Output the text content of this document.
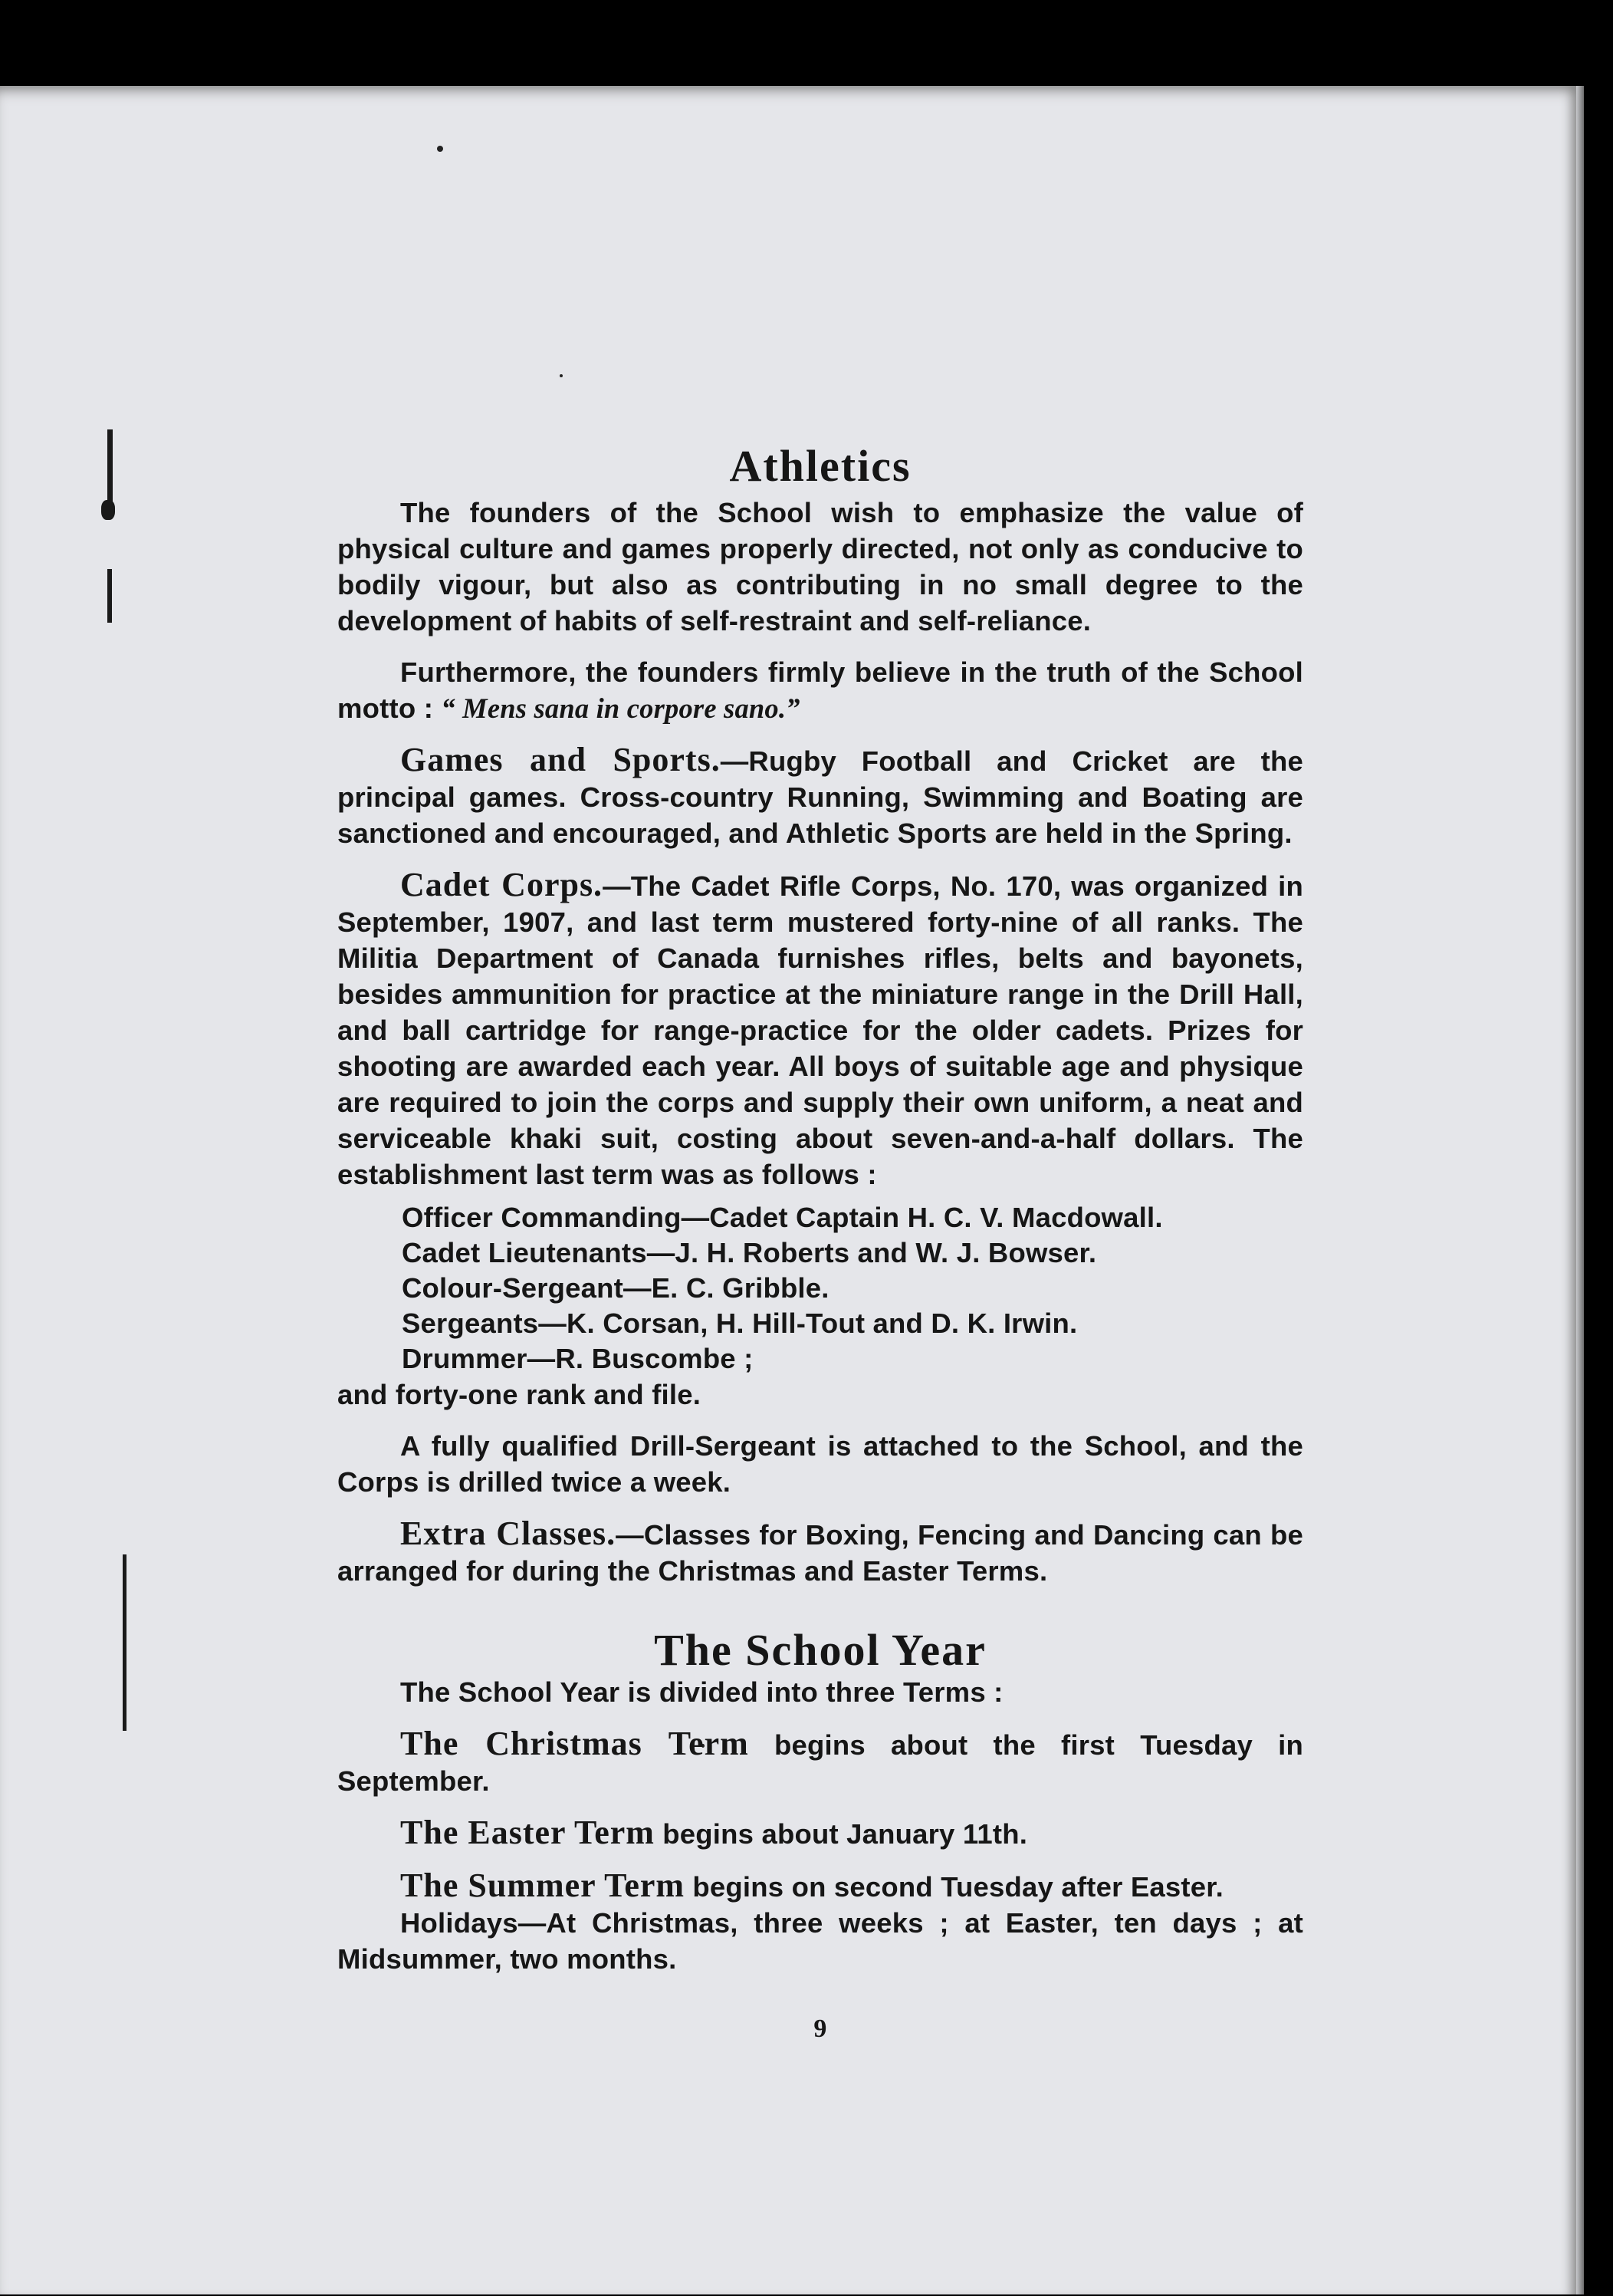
Athletics

The founders of the School wish to emphasize the value of physical culture and games properly directed, not only as conducive to bodily vigour, but also as contributing in no small degree to the development of habits of self-restraint and self-reliance.

Furthermore, the founders firmly believe in the truth of the School motto : “ Mens sana in corpore sano.”

Games and Sports.—Rugby Football and Cricket are the principal games. Cross-country Running, Swimming and Boating are sanctioned and encouraged, and Athletic Sports are held in the Spring.

Cadet Corps.—The Cadet Rifle Corps, No. 170, was organized in September, 1907, and last term mustered forty-nine of all ranks. The Militia Department of Canada furnishes rifles, belts and bayonets, besides ammunition for practice at the miniature range in the Drill Hall, and ball cartridge for range-practice for the older cadets. Prizes for shooting are awarded each year. All boys of suitable age and physique are required to join the corps and supply their own uniform, a neat and serviceable khaki suit, costing about seven-and-a-half dollars. The establishment last term was as follows :

Officer Commanding—Cadet Captain H. C. V. Macdowall.
Cadet Lieutenants—J. H. Roberts and W. J. Bowser.
Colour-Sergeant—E. C. Gribble.
Sergeants—K. Corsan, H. Hill-Tout and D. K. Irwin.
Drummer—R. Buscombe ;

and forty-one rank and file.

A fully qualified Drill-Sergeant is attached to the School, and the Corps is drilled twice a week.

Extra Classes.—Classes for Boxing, Fencing and Dancing can be arranged for during the Christmas and Easter Terms.

The School Year

The School Year is divided into three Terms :

The Christmas Term begins about the first Tuesday in September.

The Easter Term begins about January 11th.

The Summer Term begins on second Tuesday after Easter.

Holidays—At Christmas, three weeks ; at Easter, ten days ; at Midsummer, two months.

9
